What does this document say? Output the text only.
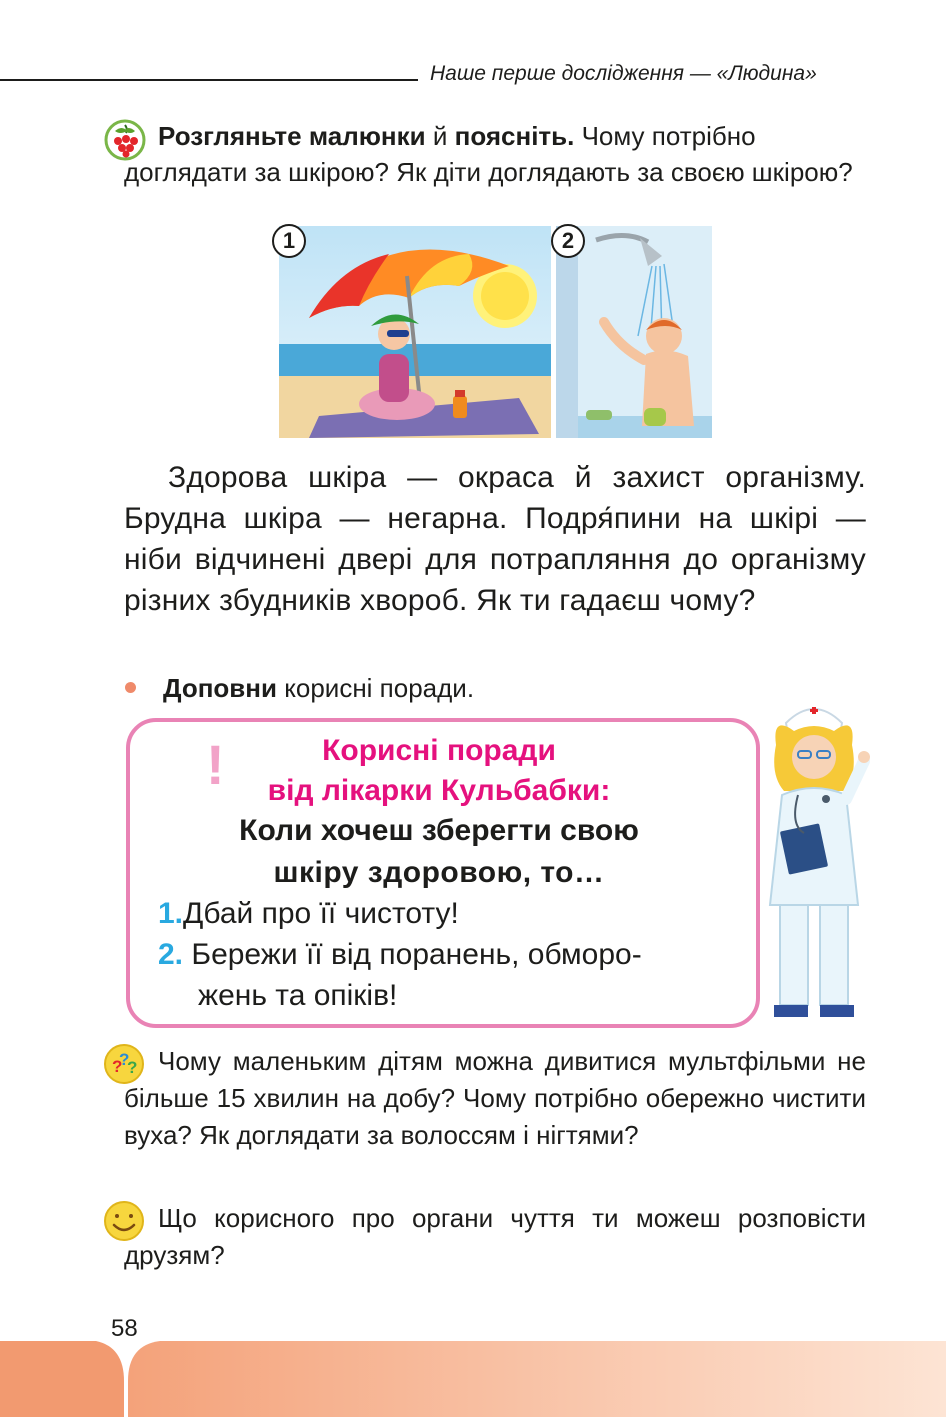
Наше перше дослідження — «Людина»
Розгляньте малюнки й поясніть. Чому потрібно
доглядати за шкірою? Як діти доглядають за своєю шкірою?
1	2
Здорова шкіра — окраса й захист організму. Брудна шкіра — негарна. Подря́пини на шкірі — ніби відчинені двері для потрапляння до організму різних збудників хвороб. Як ти гадаєш чому?
Доповни корисні поради.
!	Корисні поради
від лікарки Кульбабки:
Коли хочеш зберегти свою
шкіру здоровою, то…
1.Дбай про її чистоту!
2. Бережи її від поранень, обморо-
жень та опіків!
?
?
? Чому маленьким дітям можна дивитися мультфільми не більше 15 хвилин на добу? Чому потрібно обережно чистити вуха? Як доглядати за волоссям і нігтями?
Що корисного про органи чуття ти можеш розповісти друзям?
58
